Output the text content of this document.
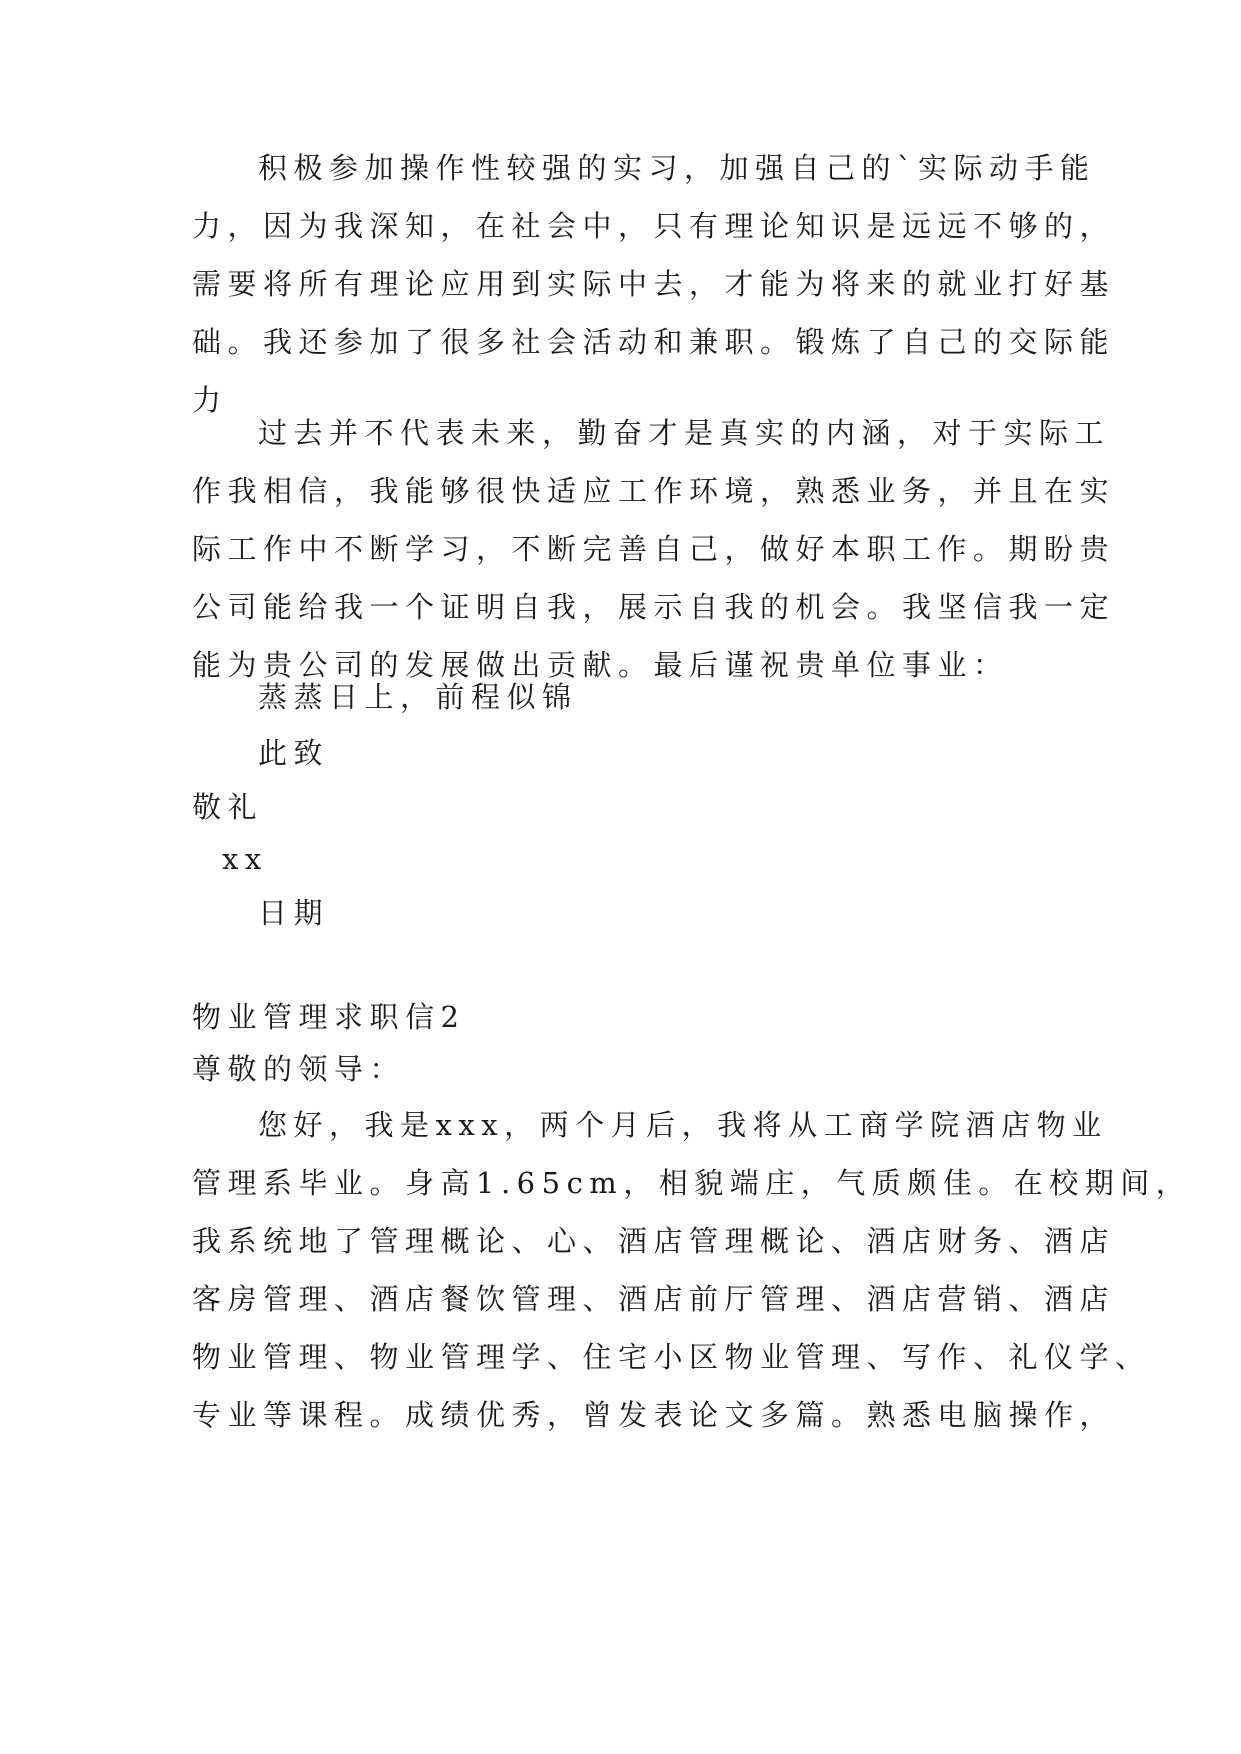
积极参加操作性较强的实习，加强自己的`实际动手能
力，因为我深知，在社会中，只有理论知识是远远不够的，
需要将所有理论应用到实际中去，才能为将来的就业打好基
础。我还参加了很多社会活动和兼职。锻炼了自己的交际能
力
过去并不代表未来，勤奋才是真实的内涵，对于实际工
作我相信，我能够很快适应工作环境，熟悉业务，并且在实
际工作中不断学习，不断完善自己，做好本职工作。期盼贵
公司能给我一个证明自我，展示自我的机会。我坚信我一定
能为贵公司的发展做出贡献。最后谨祝贵单位事业：
蒸蒸日上，前程似锦
此致
敬礼
xx
日期
物业管理求职信2
尊敬的领导：
您好，我是xxx，两个月后，我将从工商学院酒店物业
管理系毕业。身高1.65cm，相貌端庄，气质颇佳。在校期间，
我系统地了管理概论、心、酒店管理概论、酒店财务、酒店
客房管理、酒店餐饮管理、酒店前厅管理、酒店营销、酒店
物业管理、物业管理学、住宅小区物业管理、写作、礼仪学、
专业等课程。成绩优秀，曾发表论文多篇。熟悉电脑操作，
